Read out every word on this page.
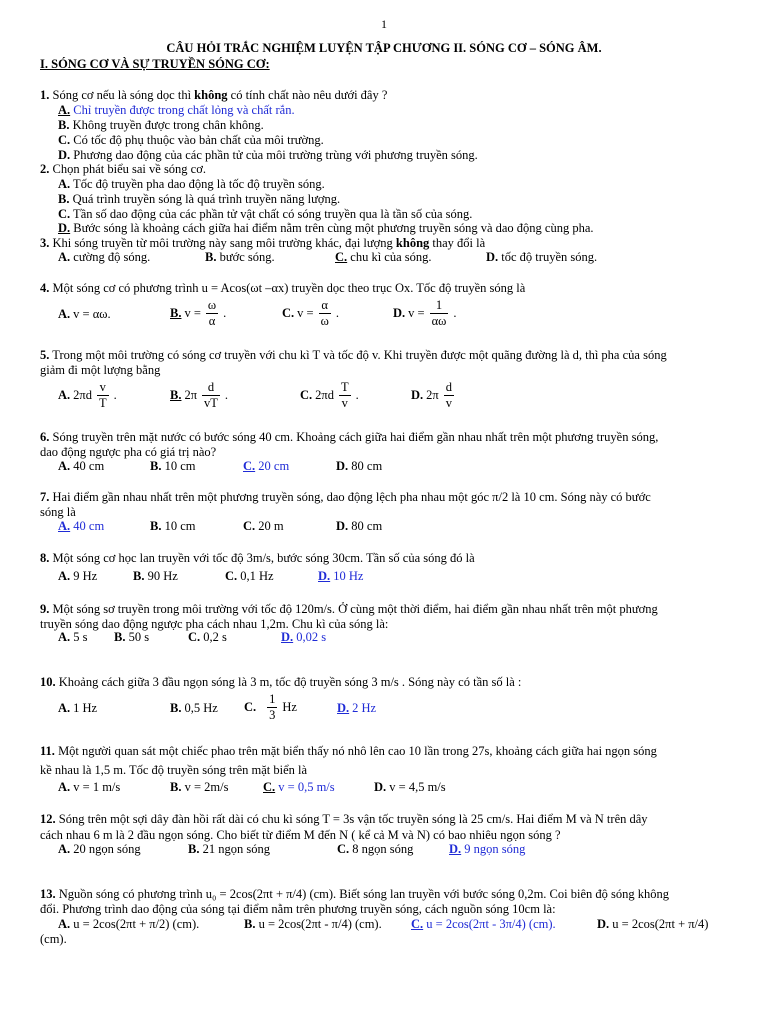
1
CÂU HỎI TRẮC NGHIỆM LUYỆN TẬP CHƯƠNG II. SÓNG CƠ – SÓNG ÂM.
I. SÓNG CƠ VÀ SỰ TRUYỀN SÓNG CƠ:
1. Sóng cơ nếu là sóng dọc thì không có tính chất nào nêu dưới đây ?
A. Chỉ truyền được trong chất lỏng và chất rắn.
B. Không truyền được trong chân không.
C. Có tốc độ phụ thuộc vào bản chất của môi trường.
D. Phương dao động của các phần tử của môi trường trùng với phương truyền sóng.
2. Chọn phát biểu sai về sóng cơ.
A. Tốc độ truyền pha dao động là tốc độ truyền sóng.
B. Quá trình truyền sóng là quá trình truyền năng lượng.
C. Tần số dao động của các phần tử vật chất có sóng truyền qua là tần số của sóng.
D. Bước sóng là khoảng cách giữa hai điểm nằm trên cùng một phương truyền sóng và dao động cùng pha.
3. Khi sóng truyền từ môi trường này sang môi trường khác, đại lượng không thay đổi là
A. cường độ sóng.	B. bước sóng.	C. chu kì của sóng.	D. tốc độ truyền sóng.
4. Một sóng cơ có phương trình u = Acos(ωt –αx) truyền dọc theo trục Ox. Tốc độ truyền sóng là
A. v = αω.	B. $v = \frac{\omega}{\alpha}$ .	C. $v = \frac{\alpha}{\omega}$ .	D. $v = \frac{1}{\alpha\omega}$ .
5. Trong một môi trường có sóng cơ truyền với chu kì T và tốc độ v. Khi truyền được một quãng đường là d, thì pha của sóng
giảm đi một lượng bằng
A. $2\pi d \frac{v}{T}$ .	B. $2\pi \frac{d}{vT}$ .	C. $2\pi d \frac{T}{v}$ .	D. $2\pi \frac{d}{v}$
6. Sóng truyền trên mặt nước có bước sóng 40 cm. Khoảng cách giữa hai điểm gần nhau nhất trên một phương truyền sóng,
dao động ngược pha có giá trị nào?
A. 40 cm	B. 10 cm	C. 20 cm	D. 80 cm
7. Hai điểm gần nhau nhất trên một phương truyền sóng, dao động lệch pha nhau một góc π/2 là 10 cm. Sóng này có bước
sóng là
A. 40 cm	B. 10 cm	C. 20 m	D. 80 cm
8. Một sóng cơ học lan truyền với tốc độ 3m/s, bước sóng 30cm. Tần số của sóng đó là
A. 9 Hz	B. 90 Hz	C. 0,1 Hz	D. 10 Hz
9. Một sóng sơ truyền trong môi trường với tốc độ 120m/s. Ở cùng một thời điểm, hai điểm gần nhau nhất trên một phương
truyền sóng dao động ngược pha cách nhau 1,2m. Chu kì của sóng là:
A. 5 s B. 50 s	C. 0,2 s	D. 0,02 s
10. Khoảng cách giữa 3 đầu ngọn sóng là 3 m, tốc độ truyền sóng 3 m/s . Sóng này có tần số là :
A. 1 Hz	B. 0,5 Hz C. $\frac{1}{3}$ Hz	D. 2 Hz
11. Một người quan sát một chiếc phao trên mặt biển thấy nó nhô lên cao 10 lần trong 27s, khoảng cách giữa hai ngọn sóng
kề nhau là 1,5 m. Tốc độ truyền sóng trên mặt biển là
A. v = 1 m/s	B. v = 2m/s	C. v = 0,5 m/s	D. v = 4,5 m/s
12. Sóng trên một sợi dây đàn hồi rất dài có chu kì sóng T = 3s vận tốc truyền sóng là 25 cm/s. Hai điểm M và N trên dây
cách nhau 6 m là 2 đầu ngọn sóng. Cho biết từ điểm M đến N ( kể cả M và N) có bao nhiêu ngọn sóng ?
A. 20 ngọn sóng	B. 21 ngọn sóng	C. 8 ngọn sóng	D. 9 ngọn sóng
13. Nguồn sóng có phương trình u₀ = 2cos(2πt + π/4) (cm). Biết sóng lan truyền với bước sóng 0,2m. Coi biên độ sóng không
đổi. Phương trình dao động của sóng tại điểm nằm trên phương truyền sóng, cách nguồn sóng 10cm là:
A. u = 2cos(2πt + π/2) (cm).	B. u = 2cos(2πt - π/4) (cm). C. u = 2cos(2πt - 3π/4) (cm).	D. u = 2cos(2πt + π/4)
(cm).
